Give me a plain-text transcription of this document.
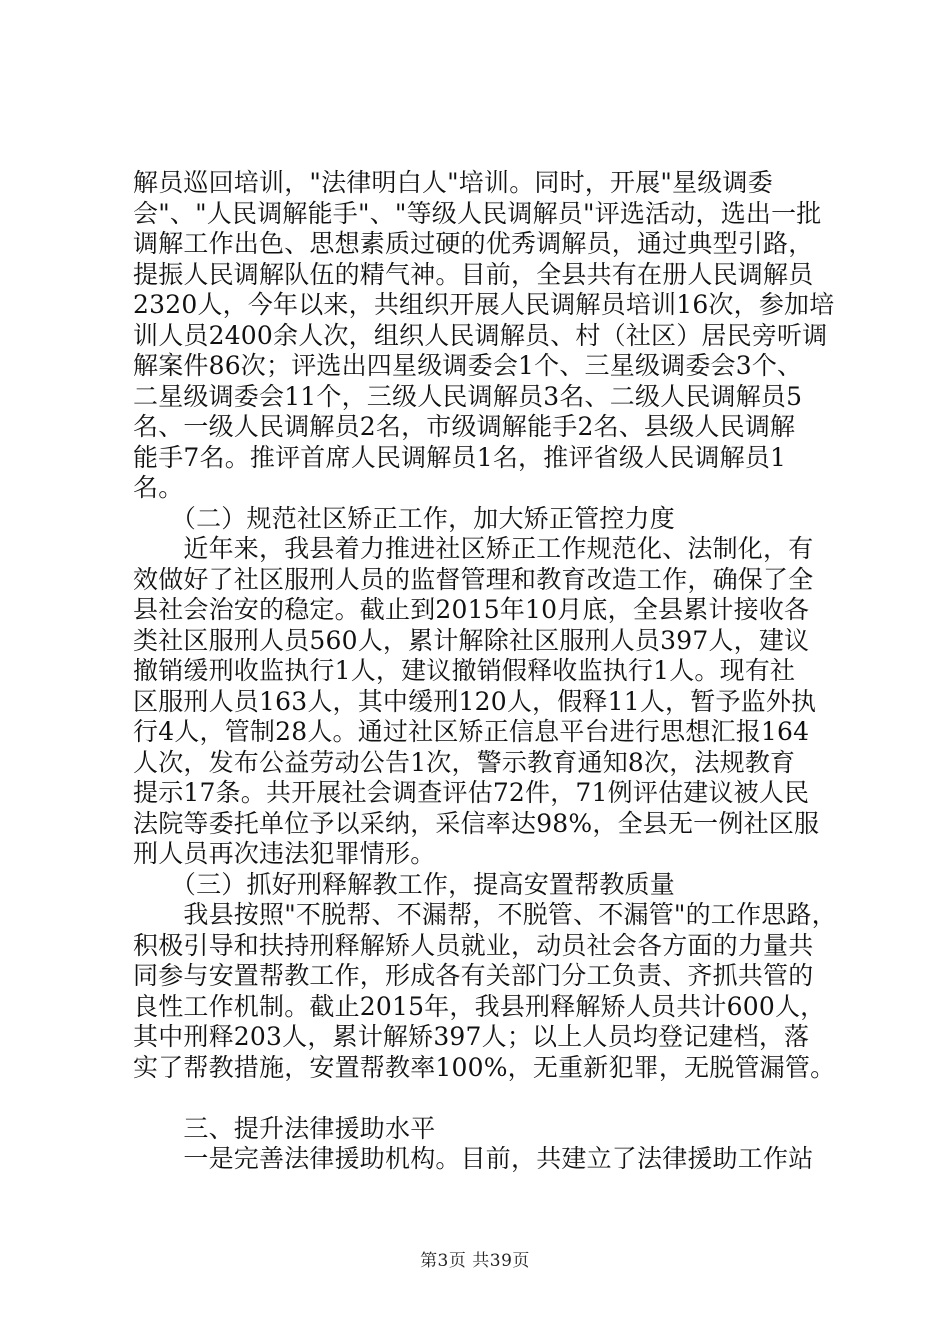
解员巡回培训，"法律明白人"培训。同时，开展"星级调委
会"、"人民调解能手"、"等级人民调解员"评选活动，选出一批
调解工作出色、思想素质过硬的优秀调解员，通过典型引路，
提振人民调解队伍的精气神。目前，全县共有在册人民调解员
2320人，今年以来，共组织开展人民调解员培训16次，参加培
训人员2400余人次，组织人民调解员、村（社区）居民旁听调
解案件86次；评选出四星级调委会1个、三星级调委会3个、
二星级调委会11个，三级人民调解员3名、二级人民调解员5
名、一级人民调解员2名，市级调解能手2名、县级人民调解
能手7名。推评首席人民调解员1名，推评省级人民调解员1
名。
　　（二）规范社区矫正工作，加大矫正管控力度
　　近年来，我县着力推进社区矫正工作规范化、法制化，有
效做好了社区服刑人员的监督管理和教育改造工作，确保了全
县社会治安的稳定。截止到2015年10月底，全县累计接收各
类社区服刑人员560人，累计解除社区服刑人员397人，建议
撤销缓刑收监执行1人，建议撤销假释收监执行1人。现有社
区服刑人员163人，其中缓刑120人，假释11人，暂予监外执
行4人，管制28人。通过社区矫正信息平台进行思想汇报164
人次，发布公益劳动公告1次，警示教育通知8次，法规教育
提示17条。共开展社会调查评估72件，71例评估建议被人民
法院等委托单位予以采纳，采信率达98%，全县无一例社区服
刑人员再次违法犯罪情形。
　　（三）抓好刑释解教工作，提高安置帮教质量
　　我县按照"不脱帮、不漏帮，不脱管、不漏管"的工作思路，
积极引导和扶持刑释解矫人员就业，动员社会各方面的力量共
同参与安置帮教工作，形成各有关部门分工负责、齐抓共管的
良性工作机制。截止2015年，我县刑释解矫人员共计600人，
其中刑释203人，累计解矫397人；以上人员均登记建档，落
实了帮教措施，安置帮教率100%，无重新犯罪，无脱管漏管。
　　三、提升法律援助水平
　　一是完善法律援助机构。目前，共建立了法律援助工作站
第3页 共39页
